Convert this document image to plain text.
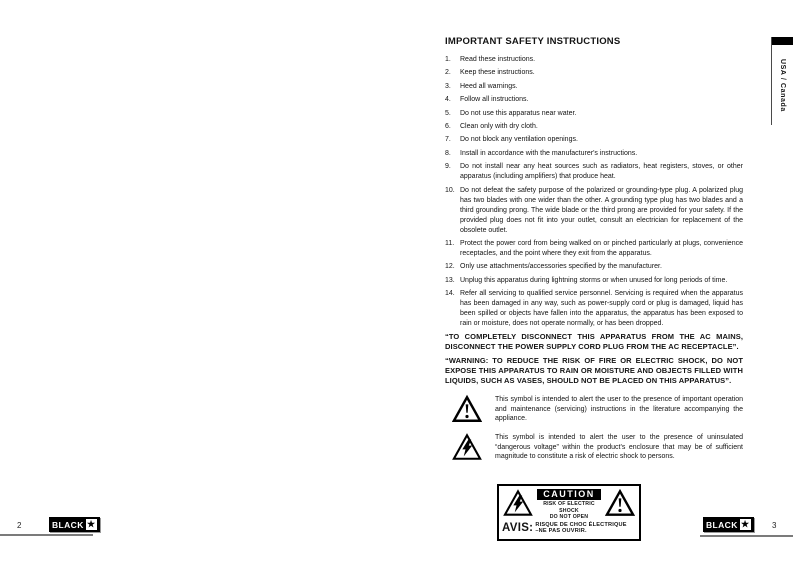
IMPORTANT SAFETY INSTRUCTIONS
1.	Read these instructions.
2.	Keep these instructions.
3.	Heed all warnings.
4.	Follow all instructions.
5.	Do not use this apparatus near water.
6.	Clean only with dry cloth.
7.	Do not block any ventilation openings.
8.	Install in accordance with the manufacturer's instructions.
9.	Do not install near any heat sources such as radiators, heat registers, stoves, or other apparatus (including amplifiers) that produce heat.
10. Do not defeat the safety purpose of the polarized or grounding-type plug. A polarized plug has two blades with one wider than the other. A grounding type plug has two blades and a third grounding prong. The wide blade or the third prong are provided for your safety. If the provided plug does not fit into your outlet, consult an electrician for replacement of the obsolete outlet.
11. Protect the power cord from being walked on or pinched particularly at plugs, convenience receptacles, and the point where they exit from the apparatus.
12. Only use attachments/accessories specified by the manufacturer.
13. Unplug this apparatus during lightning storms or when unused for long periods of time.
14. Refer all servicing to qualified service personnel. Servicing is required when the apparatus has been damaged in any way, such as power-supply cord or plug is damaged, liquid has been spilled or objects have fallen into the apparatus, the apparatus has been exposed to rain or moisture, does not operate normally, or has been dropped.

“TO COMPLETELY DISCONNECT THIS APPARATUS FROM THE AC MAINS, DISCONNECT THE POWER SUPPLY CORD PLUG FROM THE AC RECEPTACLE”.

“WARNING: TO REDUCE THE RISK OF FIRE OR ELECTRIC SHOCK, DO NOT EXPOSE THIS APPARATUS TO RAIN OR MOISTURE AND OBJECTS FILLED WITH LIQUIDS, SUCH AS VASES, SHOULD NOT BE PLACED ON THIS APPARATUS”.

This symbol is intended to alert the user to the presence of important operation and maintenance (servicing) instructions in the literature accompanying the appliance.

This symbol is intended to alert the user to the presence of uninsulated “dangerous voltage” within the product's enclosure that may be of sufficient magnitude to constitute a risk of electric shock to persons.

CAUTION
RISK OF ELECTRIC SHOCK
DO NOT OPEN
AVIS: RISQUE DE CHOC ÉLECTRIQUE
–NE PAS OUVRIR.
2	BLACK ★	BLACK ★	3
USA / Canada
